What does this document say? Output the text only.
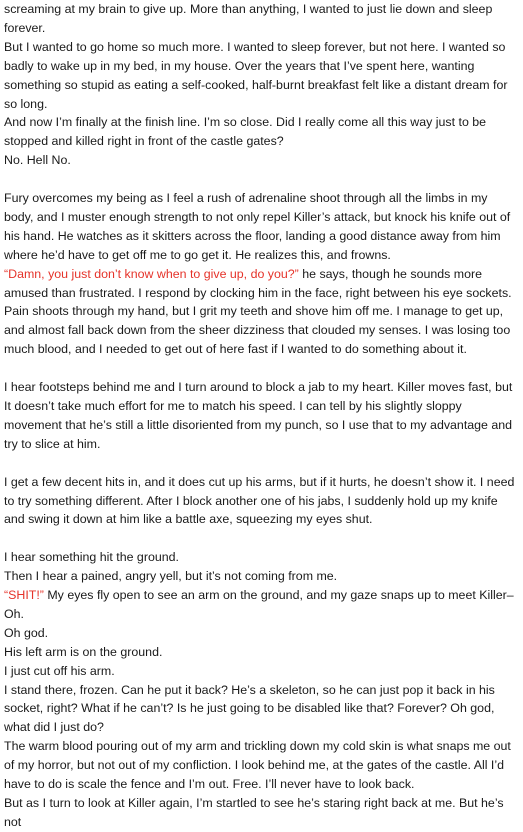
screaming at my brain to give up. More than anything, I wanted to just lie down and sleep forever.

But I wanted to go home so much more. I wanted to sleep forever, but not here. I wanted so badly to wake up in my bed, in my house. Over the years that I’ve spent here, wanting something so stupid as eating a self-cooked, half-burnt breakfast felt like a distant dream for so long.

And now I’m finally at the finish line. I’m so close. Did I really come all this way just to be stopped and killed right in front of the castle gates?

No. Hell No.

Fury overcomes my being as I feel a rush of adrenaline shoot through all the limbs in my body, and I muster enough strength to not only repel Killer’s attack, but knock his knife out of his hand. He watches as it skitters across the floor, landing a good distance away from him where he’d have to get off me to go get it. He realizes this, and frowns.

“Damn, you just don’t know when to give up, do you?” he says, though he sounds more amused than frustrated. I respond by clocking him in the face, right between his eye sockets. Pain shoots through my hand, but I grit my teeth and shove him off me. I manage to get up, and almost fall back down from the sheer dizziness that clouded my senses. I was losing too much blood, and I needed to get out of here fast if I wanted to do something about it.

I hear footsteps behind me and I turn around to block a jab to my heart. Killer moves fast, but It doesn’t take much effort for me to match his speed. I can tell by his slightly sloppy movement that he’s still a little disoriented from my punch, so I use that to my advantage and try to slice at him.

I get a few decent hits in, and it does cut up his arms, but if it hurts, he doesn’t show it. I need to try something different. After I block another one of his jabs, I suddenly hold up my knife and swing it down at him like a battle axe, squeezing my eyes shut.

I hear something hit the ground.

Then I hear a pained, angry yell, but it’s not coming from me.

“SHIT!” My eyes fly open to see an arm on the ground, and my gaze snaps up to meet Killer–

Oh.

Oh god.

His left arm is on the ground.

I just cut off his arm.

I stand there, frozen. Can he put it back? He’s a skeleton, so he can just pop it back in his socket, right? What if he can’t? Is he just going to be disabled like that? Forever? Oh god, what did I just do?

The warm blood pouring out of my arm and trickling down my cold skin is what snaps me out of my horror, but not out of my confliction. I look behind me, at the gates of the castle. All I’d have to do is scale the fence and I’m out. Free. I’ll never have to look back.

But as I turn to look at Killer again, I’m startled to see he’s staring right back at me. But he’s not
